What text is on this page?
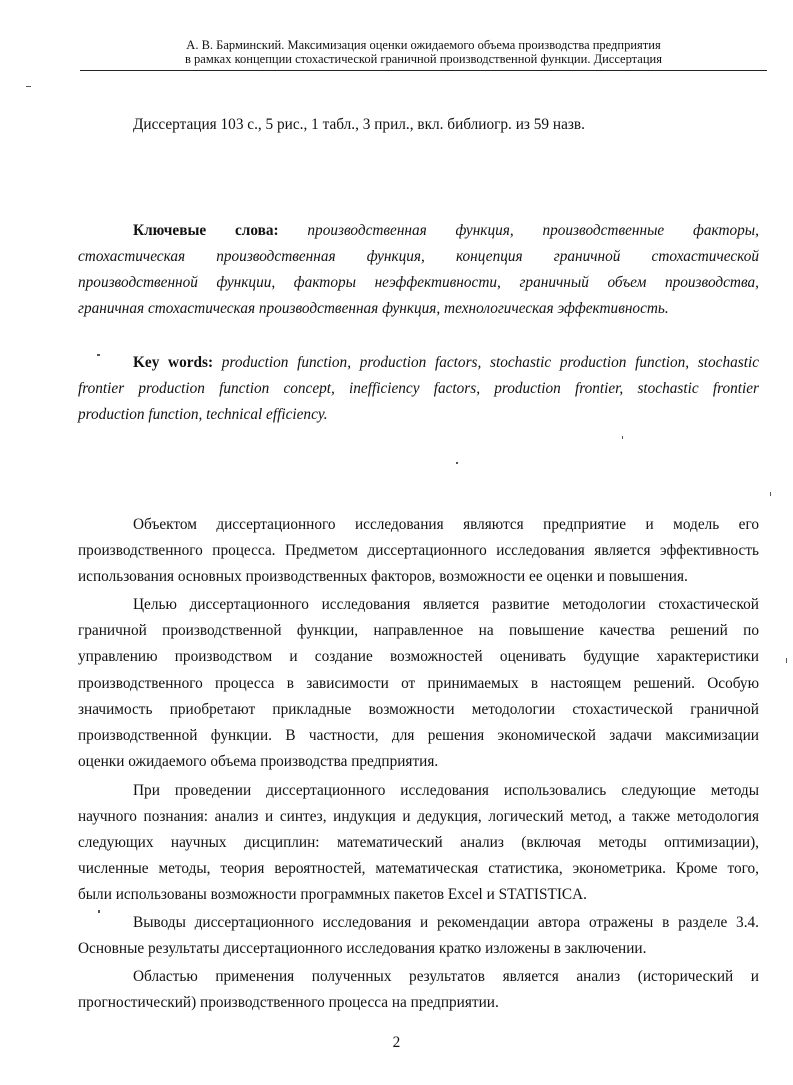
А. В. Барминский. Максимизация оценки ожидаемого объема производства предприятия
в рамках концепции стохастической граничной производственной функции. Диссертация
Диссертация 103 с., 5 рис., 1 табл., 3 прил., вкл. библиогр. из 59 назв.
Ключевые слова: производственная функция, производственные факторы,
стохастическая производственная функция, концепция граничной стохастической
производственной функции, факторы неэффективности, граничный объем производства,
граничная стохастическая производственная функция, технологическая эффективность.
Key words: production function, production factors, stochastic production function, stochastic
frontier production function concept, inefficiency factors, production frontier, stochastic frontier
production function, technical efficiency.
Объектом диссертационного исследования являются предприятие и модель его
производственного процесса. Предметом диссертационного исследования является эффективность
использования основных производственных факторов, возможности ее оценки и повышения.
Целью диссертационного исследования является развитие методологии стохастической
граничной производственной функции, направленное на повышение качества решений по
управлению производством и создание возможностей оценивать будущие характеристики
производственного процесса в зависимости от принимаемых в настоящем решений. Особую
значимость приобретают прикладные возможности методологии стохастической граничной
производственной функции. В частности, для решения экономической задачи максимизации
оценки ожидаемого объема производства предприятия.
При проведении диссертационного исследования использовались следующие методы
научного познания: анализ и синтез, индукция и дедукция, логический метод, а также методология
следующих научных дисциплин: математический анализ (включая методы оптимизации),
численные методы, теория вероятностей, математическая статистика, эконометрика. Кроме того,
были использованы возможности программных пакетов Excel и STATISTICA.
Выводы диссертационного исследования и рекомендации автора отражены в разделе 3.4.
Основные результаты диссертационного исследования кратко изложены в заключении.
Областью применения полученных результатов является анализ (исторический и
прогностический) производственного процесса на предприятии.
2
